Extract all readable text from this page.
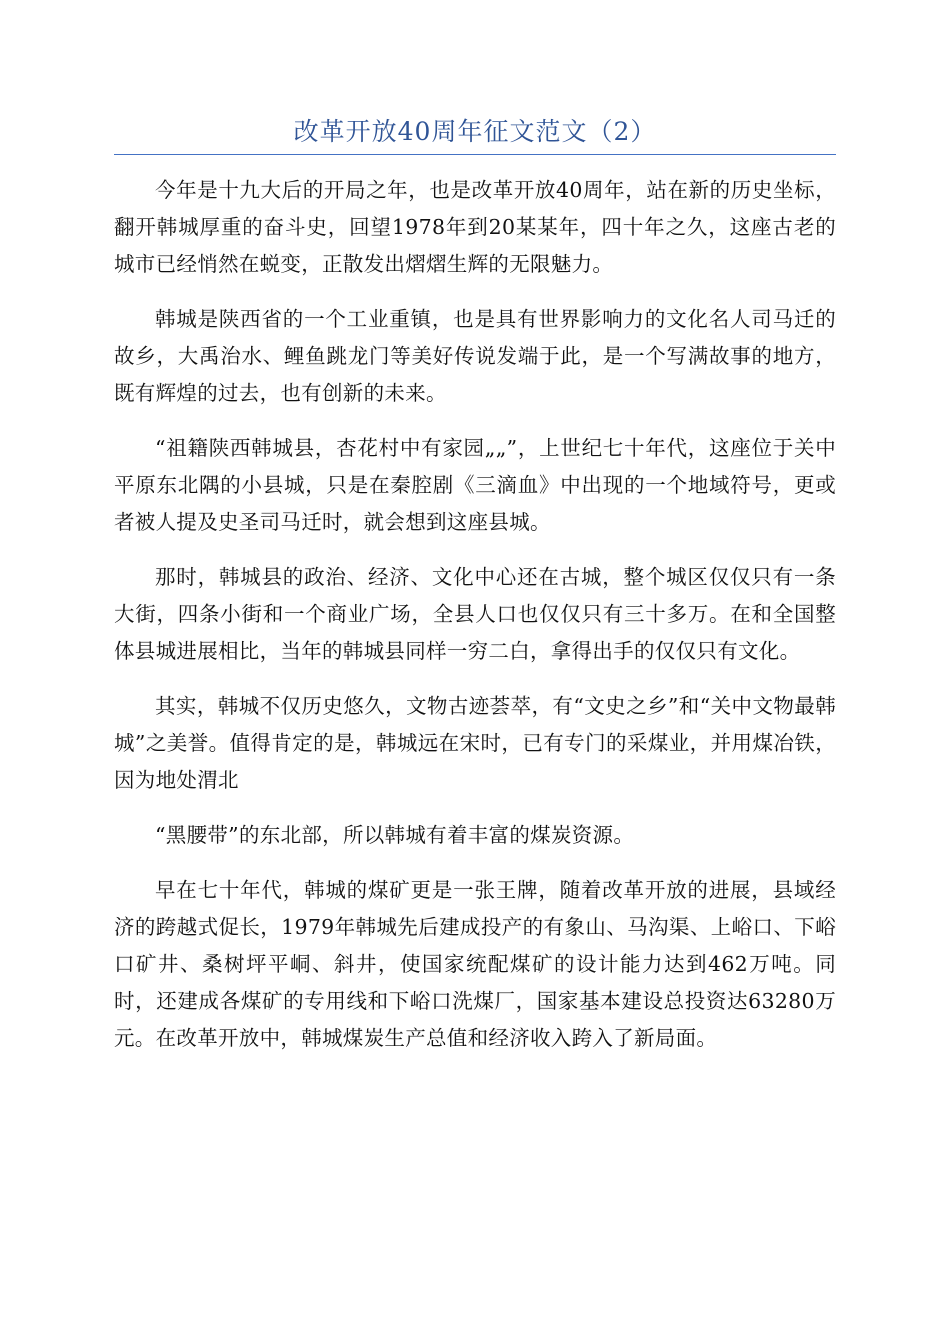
改革开放40周年征文范文（2）

今年是十九大后的开局之年，也是改革开放40周年，站在新的历史坐标，翻开韩城厚重的奋斗史，回望1978年到20某某年，四十年之久，这座古老的城市已经悄然在蜕变，正散发出熠熠生辉的无限魅力。

韩城是陕西省的一个工业重镇，也是具有世界影响力的文化名人司马迁的故乡，大禹治水、鲤鱼跳龙门等美好传说发端于此，是一个写满故事的地方，既有辉煌的过去，也有创新的未来。

“祖籍陕西韩城县，杏花村中有家园„„”，上世纪七十年代，这座位于关中平原东北隅的小县城，只是在秦腔剧《三滴血》中出现的一个地域符号，更或者被人提及史圣司马迁时，就会想到这座县城。

那时，韩城县的政治、经济、文化中心还在古城，整个城区仅仅只有一条大街，四条小街和一个商业广场，全县人口也仅仅只有三十多万。在和全国整体县城进展相比，当年的韩城县同样一穷二白，拿得出手的仅仅只有文化。

其实，韩城不仅历史悠久，文物古迹荟萃，有“文史之乡”和“关中文物最韩城”之美誉。值得肯定的是，韩城远在宋时，已有专门的采煤业，并用煤冶铁，因为地处渭北

“黑腰带”的东北部，所以韩城有着丰富的煤炭资源。

早在七十年代，韩城的煤矿更是一张王牌，随着改革开放的进展，县域经济的跨越式促长，1979年韩城先后建成投产的有象山、马沟渠、上峪口、下峪口矿井、桑树坪平峒、斜井，使国家统配煤矿的设计能力达到462万吨。同时，还建成各煤矿的专用线和下峪口洗煤厂，国家基本建设总投资达63280万元。在改革开放中，韩城煤炭生产总值和经济收入跨入了新局面。
